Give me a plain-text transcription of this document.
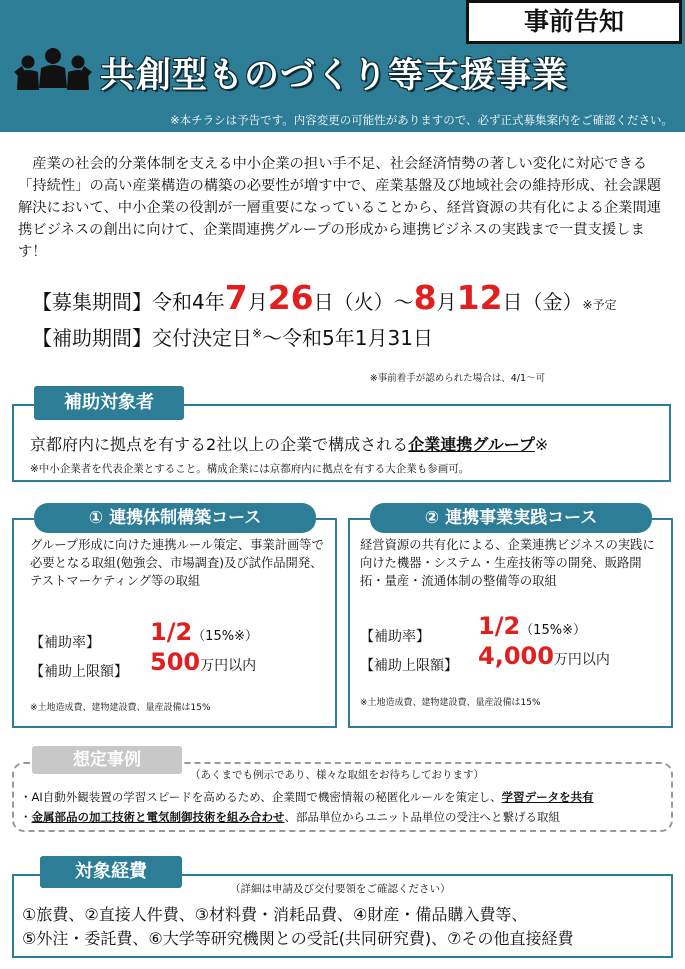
事前告知
共創型ものづくり等支援事業
※本チラシは予告です。内容変更の可能性がありますので、必ず正式募集案内をご確認ください。
産業の社会的分業体制を支える中小企業の担い手不足、社会経済情勢の著しい変化に対応できる「持続性」の高い産業構造の構築の必要性が増す中で、産業基盤及び地域社会の維持形成、社会課題解決において、中小企業の役割が一層重要になっていることから、経営資源の共有化による企業間連携ビジネスの創出に向けて、企業間連携グループの形成から連携ビジネスの実践まで一貫支援します！
【募集期間】令和4年7月26日（火）～8月12日（金）※予定
【補助期間】交付決定日※～令和5年1月31日
※事前着手が認められた場合は、4/1～可
補助対象者
京都府内に拠点を有する2社以上の企業で構成される企業連携グループ※
※中小企業者を代表企業とすること。構成企業には京都府内に拠点を有する大企業も参画可。
① 連携体制構築コース
グループ形成に向けた連携ルール策定、事業計画等で必要となる取組(勉強会、市場調査)及び試作品開発、テストマーケティング等の取組
【補助率】 1/2（15%※）
【補助上限額】 500万円以内
※土地造成費、建物建設費、量産設備は15%
② 連携事業実践コース
経営資源の共有化による、企業連携ビジネスの実践に向けた機器・システム・生産技術等の開発、販路開拓・量産・流通体制の整備等の取組
【補助率】 1/2（15%※）
【補助上限額】 4,000万円以内
※土地造成費、建物建設費、量産設備は15%
想定事例
（あくまでも例示であり、様々な取組をお待ちしております）
・AI自動外観装置の学習スピードを高めるため、企業間で機密情報の秘匿化ルールを策定し、学習データを共有
・金属部品の加工技術と電気制御技術を組み合わせ、部品単位からユニット品単位の受注へと繋げる取組
対象経費
（詳細は申請及び交付要領をご確認ください）
①旅費、②直接人件費、③材料費・消耗品費、④財産・備品購入費等、
⑤外注・委託費、⑥大学等研究機関との受託(共同研究費)、⑦その他直接経費
